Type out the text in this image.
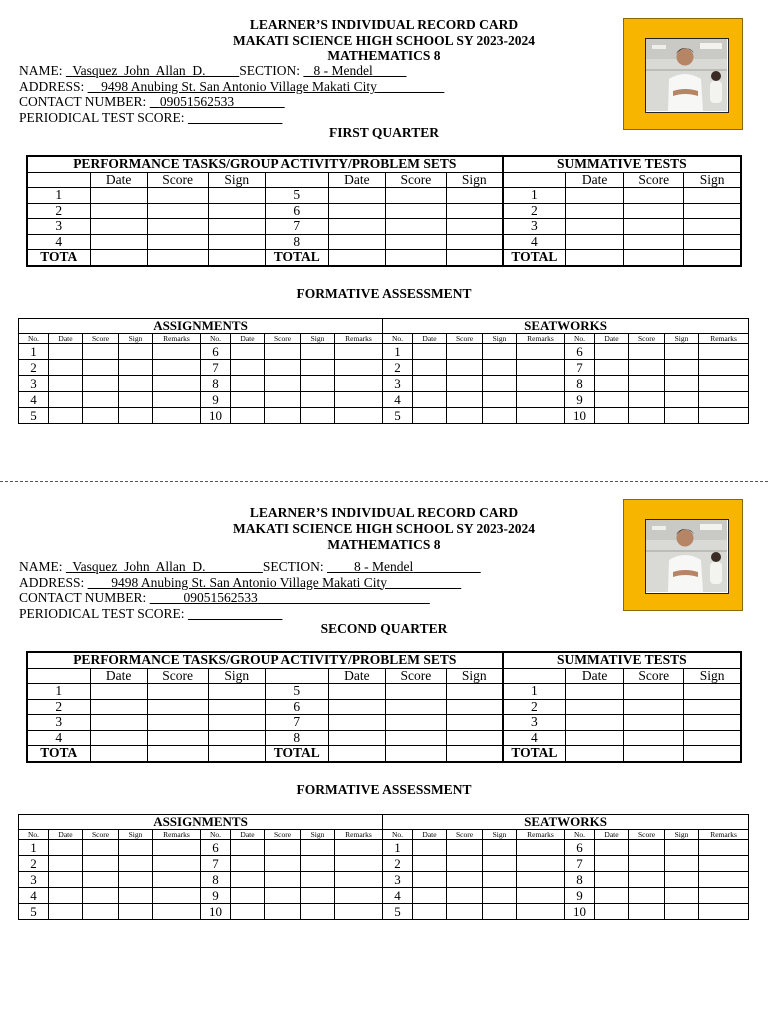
LEARNER’S INDIVIDUAL RECORD CARD
MAKATI SCIENCE HIGH SCHOOL SY 2023-2024
MATHEMATICS 8
NAME: Vasquez  John  Allan  D.	SECTION: 8 - Mendel
ADDRESS: 9498 Anubing St. San Antonio Village Makati City
CONTACT NUMBER: 09051562533
PERIODICAL TEST SCORE:
FIRST QUARTER
PERFORMANCE TASKS/GROUP ACTIVITY/PROBLEM SETS								SUMMATIVE TESTS			
	Date	Score	Sign		Date	Score	Sign		Date	Score	Sign
1				5				1			
2				6				2			
3				7				3			
4				8				4			
TOTA				TOTAL				TOTAL			
FORMATIVE ASSESSMENT
ASSIGNMENTS										SEATWORKS									
No.	Date	Score	Sign	Remarks	No.	Date	Score	Sign	Remarks	No.	Date	Score	Sign	Remarks	No.	Date	Score	Sign	Remarks
1					6					1					6				
2					7					2					7				
3					8					3					8				
4					9					4					9				
5					10					5					10				
LEARNER’S INDIVIDUAL RECORD CARD
MAKATI SCIENCE HIGH SCHOOL SY 2023-2024
MATHEMATICS 8
NAME: Vasquez  John  Allan  D.	SECTION: 8 - Mendel
ADDRESS: 9498 Anubing St. San Antonio Village Makati City
CONTACT NUMBER:	09051562533
PERIODICAL TEST SCORE:
SECOND QUARTER
PERFORMANCE TASKS/GROUP ACTIVITY/PROBLEM SETS								SUMMATIVE TESTS			
	Date	Score	Sign		Date	Score	Sign		Date	Score	Sign
1				5				1			
2				6				2			
3				7				3			
4				8				4			
TOTA				TOTAL				TOTAL			
FORMATIVE ASSESSMENT
ASSIGNMENTS										SEATWORKS									
No.	Date	Score	Sign	Remarks	No.	Date	Score	Sign	Remarks	No.	Date	Score	Sign	Remarks	No.	Date	Score	Sign	Remarks
1					6					1					6				
2					7					2					7				
3					8					3					8				
4					9					4					9				
5					10					5					10				
